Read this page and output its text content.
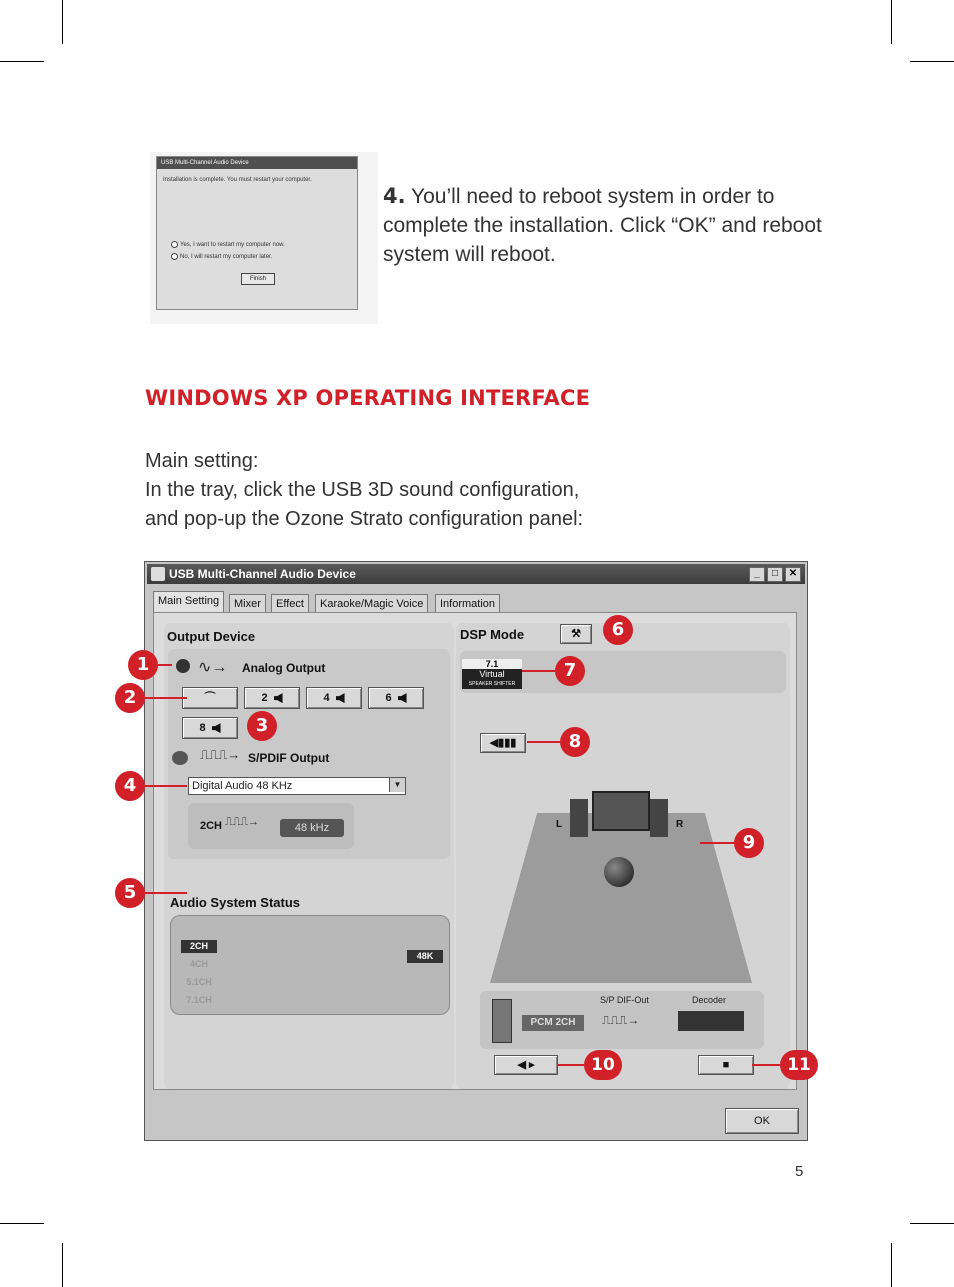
USB Multi-Channel Audio Device
Installation is complete. You must restart your computer.
Yes, I want to restart my computer now.
No, I will restart my computer later.
Finish
4. You’ll need to reboot system in order to complete the installation. Click “OK” and reboot system will reboot.
WINDOWS XP OPERATING INTERFACE
Main setting:
In the tray, click the USB 3D sound configuration,
and pop-up the Ozone Strato configuration panel:
USB Multi-Channel Audio Device	_	□	✕
Main Setting	Mixer	Effect	Karaoke/Magic Voice	Information
Output Device
∿→ Analog Output
⌒	2	4	6
8
⎍⎍⎍→ S/PDIF Output
Digital Audio 48 KHz	▼
2CH ⎍⎍⎍→	48 kHz
Audio System Status
2CH
4CH
5.1CH
7.1CH
48K
DSP Mode	⚒
7.1
Virtual
SPEAKER SHIFTER
◀▮▮▮
L	R
PCM 2CH
S/P DIF-Out
⎍⎍⎍→
Decoder
◀ ▸	■
OK
1
2
3
4
5
6
7
8
9
10	11
5
